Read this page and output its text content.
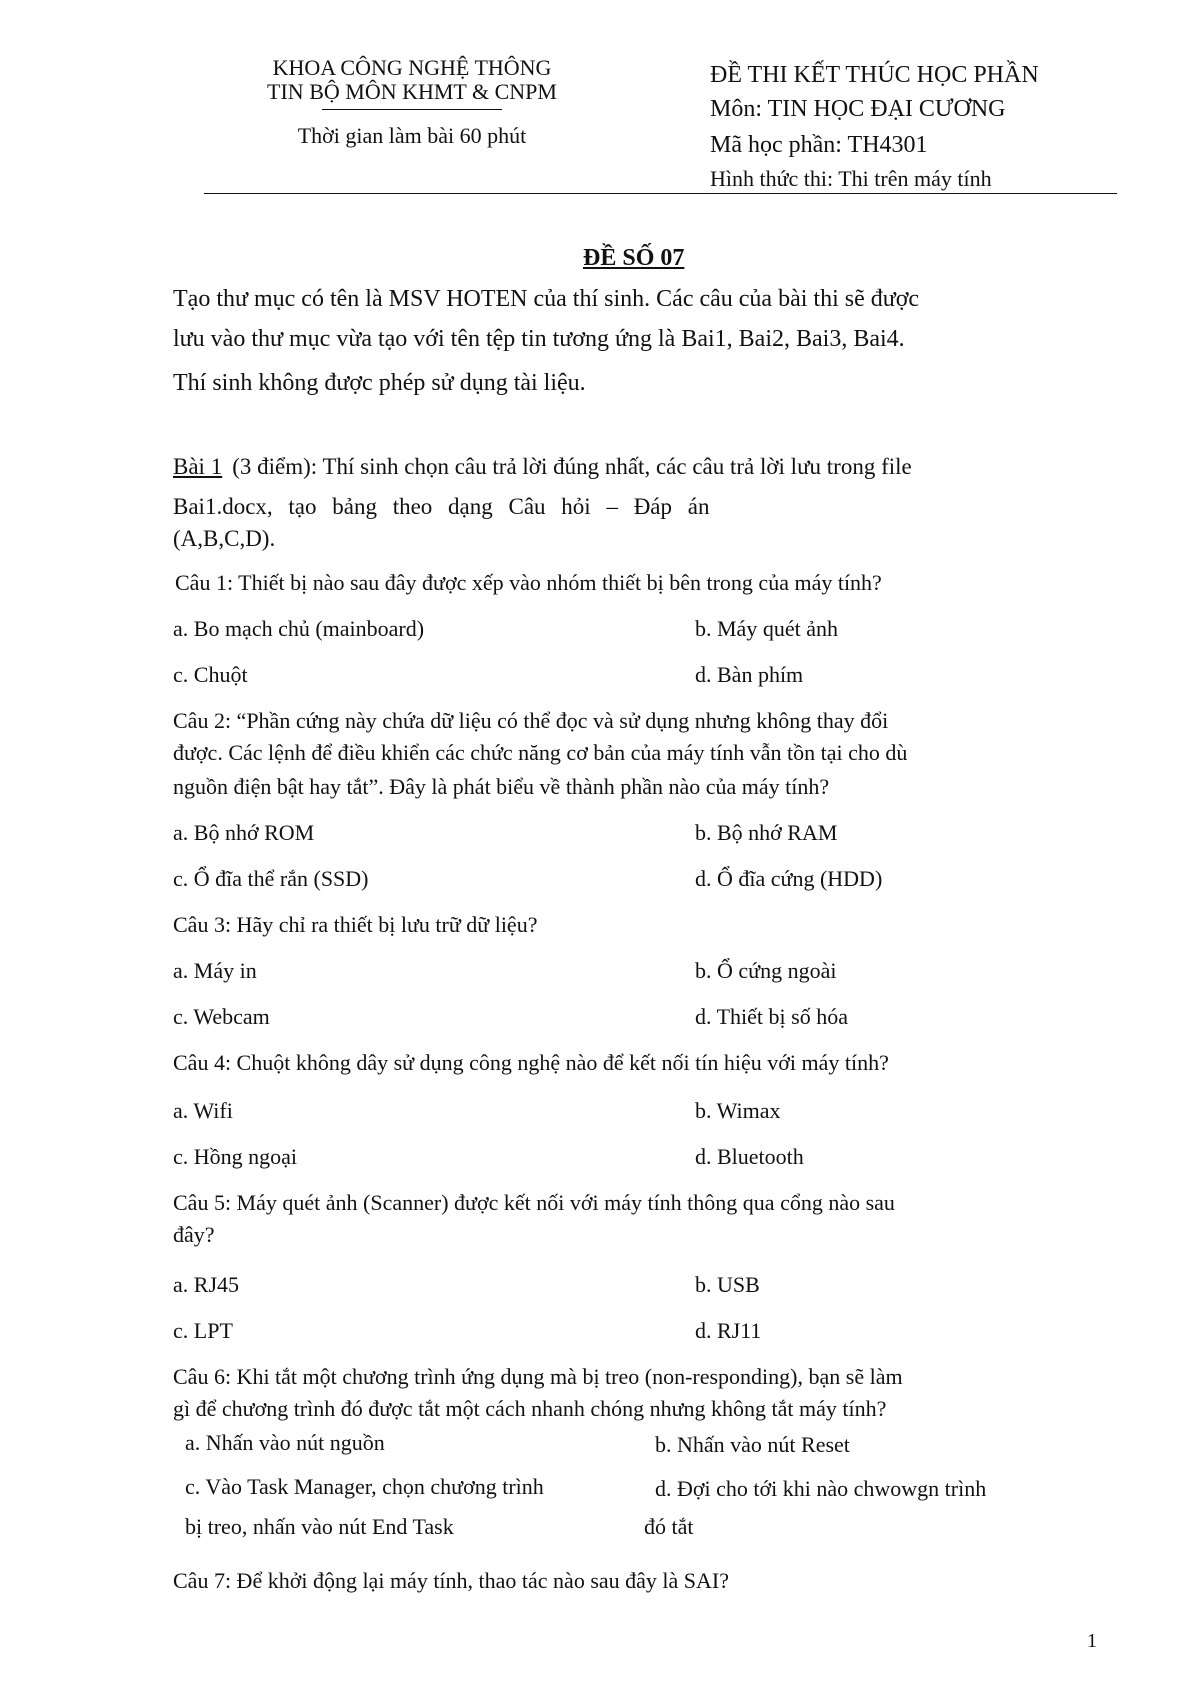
KHOA CÔNG NGHỆ THÔNG
TIN BỘ MÔN KHMT & CNPM
Thời gian làm bài 60 phút
ĐỀ THI KẾT THÚC HỌC PHẦN
Môn: TIN HỌC ĐẠI CƯƠNG
Mã học phần: TH4301
Hình thức thi: Thi trên máy tính
ĐỀ SỐ 07
Tạo thư mục có tên là MSV HOTEN của thí sinh. Các câu của bài thi sẽ được
lưu vào thư mục vừa tạo với tên tệp tin tương ứng là Bai1, Bai2, Bai3, Bai4.
Thí sinh không được phép sử dụng tài liệu.
Bài 1 (3 điểm): Thí sinh chọn câu trả lời đúng nhất, các câu trả lời lưu trong file
Bai1.docx, tạo bảng theo dạng Câu hỏi – Đáp án
(A,B,C,D).
Câu 1: Thiết bị nào sau đây được xếp vào nhóm thiết bị bên trong của máy tính?
a. Bo mạch chủ (mainboard)	b. Máy quét ảnh
c. Chuột	d. Bàn phím
Câu 2: “Phần cứng này chứa dữ liệu có thể đọc và sử dụng nhưng không thay đổi
được. Các lệnh để điều khiển các chức năng cơ bản của máy tính vẫn tồn tại cho dù
nguồn điện bật hay tắt”. Đây là phát biểu về thành phần nào của máy tính?
a. Bộ nhớ ROM	b. Bộ nhớ RAM
c. Ổ đĩa thể rắn (SSD)	d. Ổ đĩa cứng (HDD)
Câu 3: Hãy chỉ ra thiết bị lưu trữ dữ liệu?
a. Máy in	b. Ổ cứng ngoài
c. Webcam	d. Thiết bị số hóa
Câu 4: Chuột không dây sử dụng công nghệ nào để kết nối tín hiệu với máy tính?
a. Wifi	b. Wimax
c. Hồng ngoại	d. Bluetooth
Câu 5: Máy quét ảnh (Scanner) được kết nối với máy tính thông qua cổng nào sau
đây?
a. RJ45	b. USB
c. LPT	d. RJ11
Câu 6: Khi tắt một chương trình ứng dụng mà bị treo (non-responding), bạn sẽ làm
gì để chương trình đó được tắt một cách nhanh chóng nhưng không tắt máy tính?
a. Nhấn vào nút nguồn	b. Nhấn vào nút Reset
c. Vào Task Manager, chọn chương trình
bị treo, nhấn vào nút End Task
d. Đợi cho tới khi nào chwowgn trình
đó tắt
Câu 7: Để khởi động lại máy tính, thao tác nào sau đây là SAI?
1
